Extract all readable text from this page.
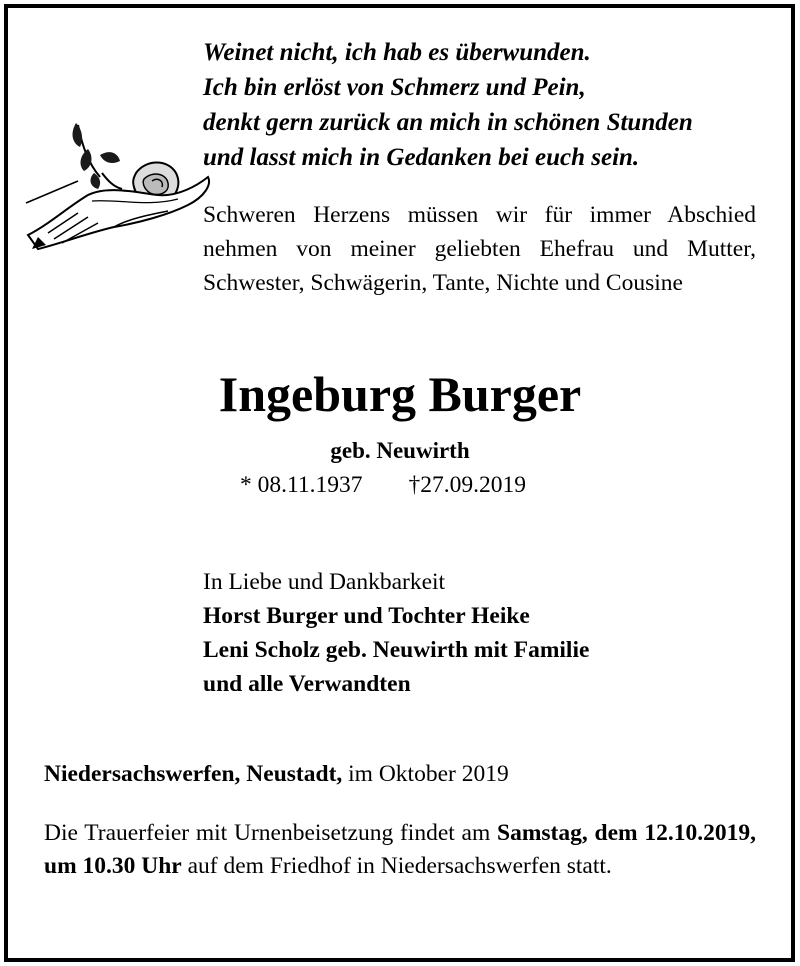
Weinet nicht, ich hab es überwunden.
Ich bin erlöst von Schmerz und Pein,
denkt gern zurück an mich in schönen Stunden
und lasst mich in Gedanken bei euch sein.
Schweren Herzens müssen wir für immer Abschied nehmen von meiner geliebten Ehefrau und Mutter, Schwester, Schwägerin, Tante, Nichte und Cousine
Ingeburg Burger
geb. Neuwirth
* 08.11.1937 †27.09.2019
In Liebe und Dankbarkeit
Horst Burger und Tochter Heike
Leni Scholz geb. Neuwirth mit Familie
und alle Verwandten
Niedersachswerfen, Neustadt, im Oktober 2019
Die Trauerfeier mit Urnenbeisetzung findet am Samstag, dem 12.10.2019, um 10.30 Uhr auf dem Friedhof in Niedersachswerfen statt.
